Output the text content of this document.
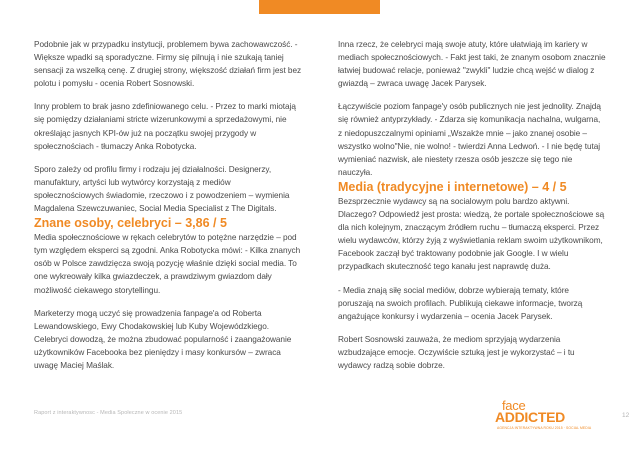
Podobnie jak w przypadku instytucji, problemem bywa zachowawczość. - Większe wpadki są sporadyczne. Firmy się pilnują i nie szukają taniej sensacji za wszelką cenę. Z drugiej strony, większość działań firm jest bez polotu i pomysłu - ocenia Robert Sosnowski.

Inny problem to brak jasno zdefiniowanego celu. - Przez to marki miotają się pomiędzy działaniami stricte wizerunkowymi a sprzedażowymi, nie określając jasnych KPI-ów już na początku swojej przygody w społecznościach - tłumaczy Anka Robotycka.

Sporo zależy od profilu firmy i rodzaju jej działalności. Designerzy, manufaktury, artyści lub wytwórcy korzystają z mediów społecznościowych świadomie, rzeczowo i z powodzeniem – wymienia Magdalena Szewczuwaniec, Social Media Specialist z The Digitals.

Znane osoby, celebryci – 3,86 / 5

Media społecznościowe w rękach celebrytów to potężne narzędzie – pod tym względem eksperci są zgodni. Anka Robotycka mówi: - Kilka znanych osób w Polsce zawdzięcza swoją pozycję właśnie dzięki social media. To one wykreowały kilka gwiazdeczek, a prawdziwym gwiazdom dały możliwość ciekawego storytellingu.

Marketerzy mogą uczyć się prowadzenia fanpage'a od Roberta Lewandowskiego, Ewy Chodakowskiej lub Kuby Wojewódzkiego. Celebryci dowodzą, że można zbudować popularność i zaangażowanie użytkowników Facebooka bez pieniędzy i masy konkursów – zwraca uwagę Maciej Maślak.

Inna rzecz, że celebryci mają swoje atuty, które ułatwiają im kariery w mediach społecznościowych. - Fakt jest taki, że znanym osobom znacznie łatwiej budować relacje, ponieważ "zwykli" ludzie chcą wejść w dialog z gwiazdą – zwraca uwagę Jacek Parysek.

Łączywiście poziom fanpage'y osób publicznych nie jest jednolity. Znajdą się również antyprzykłady. - Zdarza się komunikacja nachalna, wulgarna, z niedopuszczalnymi opiniami „Wszakże mnie – jako znanej osobie – wszystko wolno"Nie, nie wolno! - twierdzi Anna Ledwoń. - I nie będę tutaj wymieniać nazwisk, ale niestety rzesza osób jeszcze się tego nie nauczyła.

Media (tradycyjne i internetowe) – 4 / 5

Bezsprzecznie wydawcy są na socialowym polu bardzo aktywni. Dlaczego? Odpowiedź jest prosta: wiedzą, że portale społecznościowe są dla nich kolejnym, znaczącym źródłem ruchu – tłumaczą eksperci. Przez wielu wydawców, którzy żyją z wyświetlania reklam swoim użytkownikom, Facebook zaczął być traktowany podobnie jak Google. I w wielu przypadkach skuteczność tego kanału jest naprawdę duża.

- Media znają siłę social mediów, dobrze wybierają tematy, które poruszają na swoich profilach. Publikują ciekawe informacje, tworzą angażujące konkursy i wydarzenia – ocenia Jacek Parysek.

Robert Sosnowski zauważa, że mediom sprzyjają wydarzenia wzbudzające emocje. Oczywiście sztuką jest je wykorzystać – i tu wydawcy radzą sobie dobrze.

Raport z interaktywnosc - Media Społeczne w ocenie 2015	face
ADDICTED
AGENCJA INTERAKTYWNA ROKU 2015 · SOCIAL MEDIA
12
